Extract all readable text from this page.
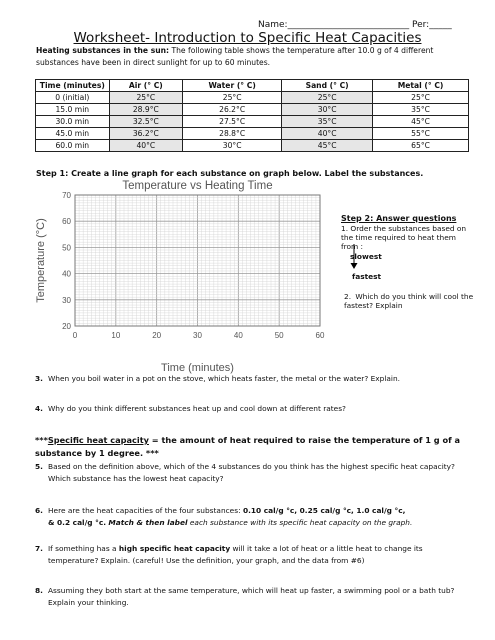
Name:___________________________ Per:_____
Worksheet- Introduction to Specific Heat Capacities
Heating substances in the sun: The following table shows the temperature after 10.0 g of 4 different substances have been in direct sunlight for up to 60 minutes.
Time (minutes)	Air (° C)	Water (° C)	Sand (° C)	Metal (° C)
0 (initial)	25°C	25°C	25°C	25°C
15.0 min	28.9°C	26.2°C	30°C	35°C
30.0 min	32.5°C	27.5°C	35°C	45°C
45.0 min	36.2°C	28.8°C	40°C	55°C
60.0 min	40°C	30°C	45°C	65°C
Step 1: Create a line graph for each substance on graph below. Label the substances.
Temperature vs Heating Time
20
30
40
50
60
70
0	10	20	30	40	50	60
Temperature (°C)
Time (minutes)
Step 2: Answer questions
1. Order the substances based on the time required to heat them from :
slowest
fastest
2. Which do you think will cool the fastest? Explain
3. When you boil water in a pot on the stove, which heats faster, the metal or the water? Explain.
4. Why do you think different substances heat up and cool down at different rates?
***Specific heat capacity = the amount of heat required to raise the temperature of 1 g of a substance by 1 degree. ***
5. Based on the definition above, which of the 4 substances do you think has the highest specific heat capacity?
Which substance has the lowest heat capacity?
6. Here are the heat capacities of the four substances: 0.10 cal/g °c, 0.25 cal/g °c, 1.0 cal/g °c,
& 0.2 cal/g °c. Match & then label each substance with its specific heat capacity on the graph.
7. If something has a high specific heat capacity will it take a lot of heat or a little heat to change its
temperature? Explain. (careful! Use the definition, your graph, and the data from #6)
8. Assuming they both start at the same temperature, which will heat up faster, a swimming pool or a bath tub?
Explain your thinking.
